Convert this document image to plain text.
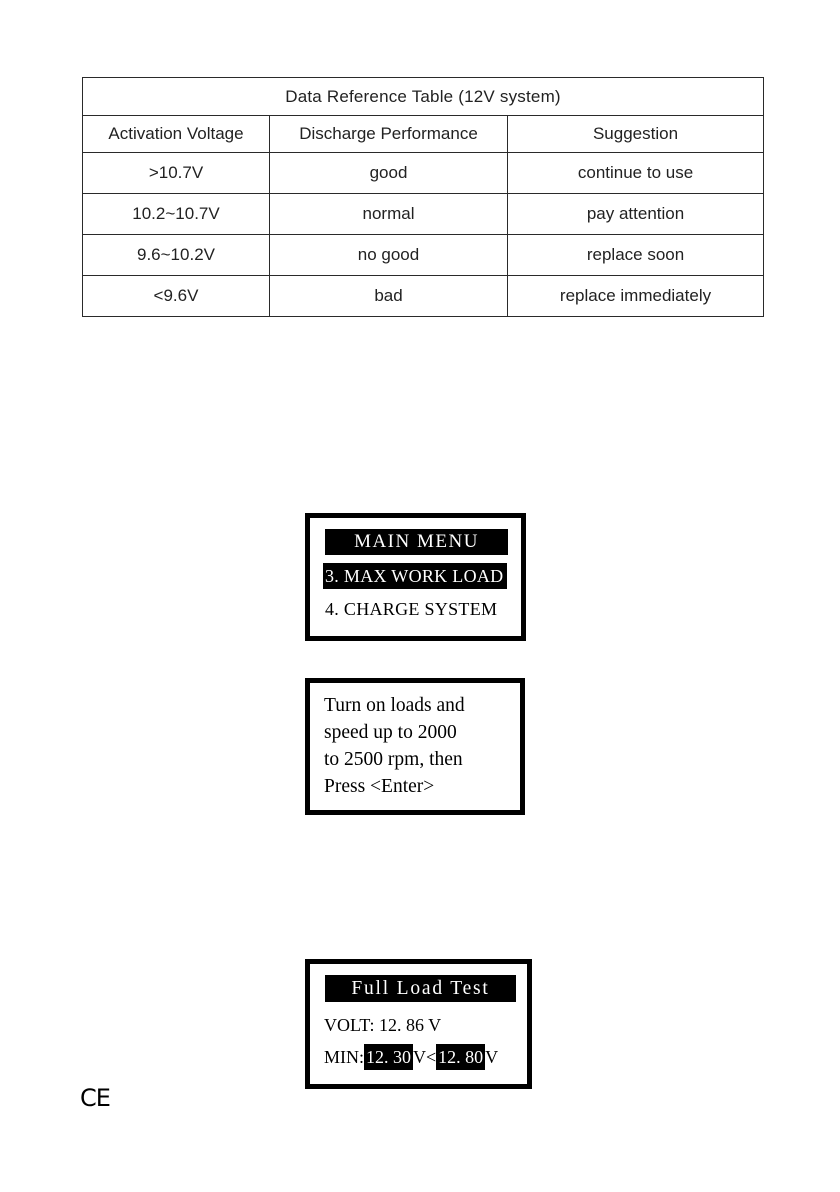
Data Reference Table (12V system)		
Activation Voltage	Discharge Performance	Suggestion
>10.7V	good	continue to use
10.2~10.7V	normal	pay attention
9.6~10.2V	no good	replace soon
<9.6V	bad	replace immediately
MAIN MENU
3. MAX WORK LOAD
4. CHARGE SYSTEM
Turn on loads and
speed up to 2000
to 2500 rpm, then
Press <Enter>
Full Load Test
VOLT: 12. 86 V
MIN: 12. 30 V< 12. 80 V
CE
